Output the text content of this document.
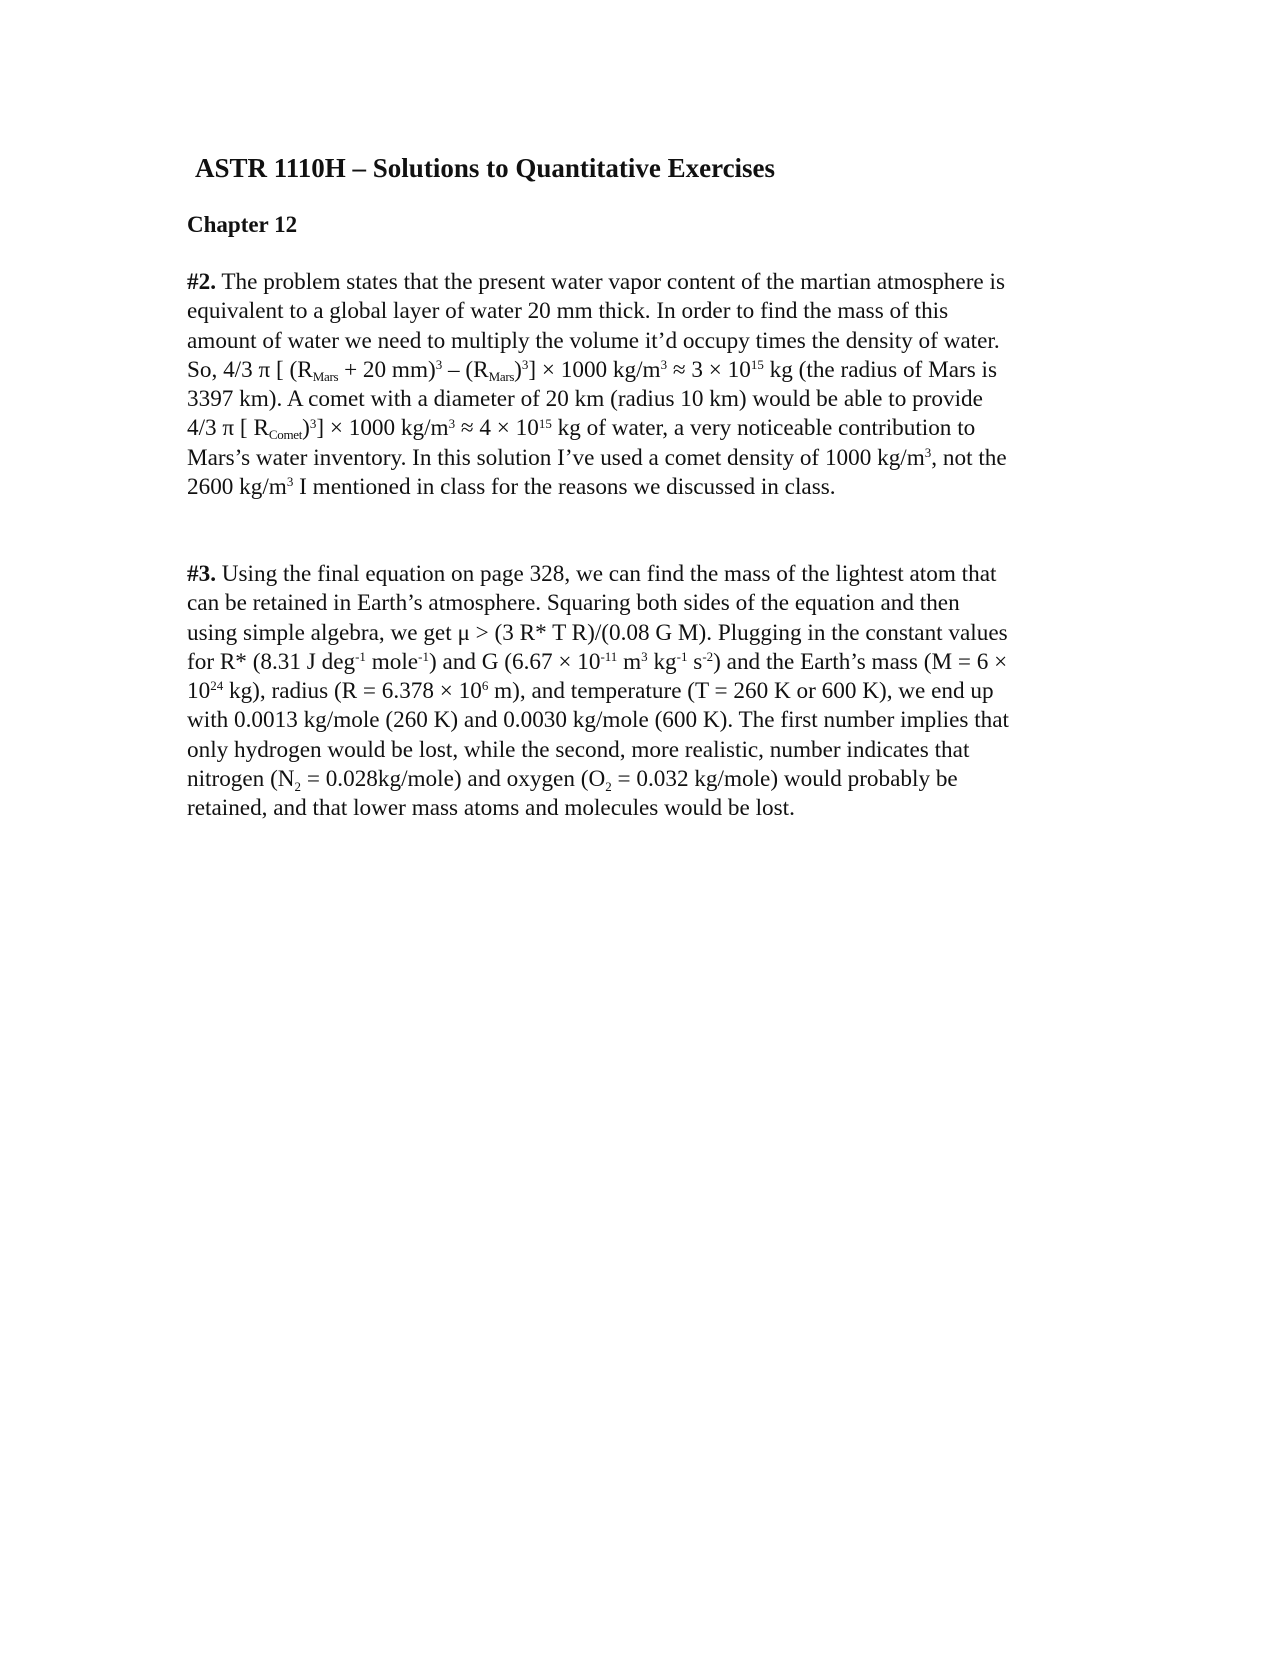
ASTR 1110H – Solutions to Quantitative Exercises
Chapter 12
#2. The problem states that the present water vapor content of the martian atmosphere is
equivalent to a global layer of water 20 mm thick. In order to find the mass of this
amount of water we need to multiply the volume it’d occupy times the density of water.
So, 4/3 π [ (RMars + 20 mm)$^3$ – (RMars)$^3$] × 1000 $kg/m^3 \approx 3 \times 10^{15}$ kg (the radius of Mars is
3397 km). A comet with a diameter of 20 km (radius 10 km) would be able to provide
4/3 π [ RComet)$^3$] × 1000 $kg/m^3 \approx 4 \times 10^{15}$ kg of water, a very noticeable contribution to
Mars’s water inventory. In this solution I’ve used a comet density of 1000 $kg/m^3$, not the
2600 $kg/m^3$ I mentioned in class for the reasons we discussed in class.
#3. Using the final equation on page 328, we can find the mass of the lightest atom that
can be retained in Earth’s atmosphere. Squaring both sides of the equation and then
using simple algebra, we get μ > (3 R* T R)/(0.08 G M). Plugging in the constant values
for R* (8.31 J deg$^{-1}$ mole$^{-1}$) and G ($6.67 \times 10^{-11}$ $m^3$ $kg^{-1}$ $s^{-2}$) and the Earth’s mass (M = 6 ×
$10^{24}$ kg), radius ($R = 6.378 \times 10^6$ m), and temperature (T = 260 K or 600 K), we end up
with 0.0013 kg/mole (260 K) and 0.0030 kg/mole (600 K). The first number implies that
only hydrogen would be lost, while the second, more realistic, number indicates that
nitrogen ($N_2$ = 0.028kg/mole) and oxygen ($O_2 = 0.032$ kg/mole) would probably be
retained, and that lower mass atoms and molecules would be lost.
